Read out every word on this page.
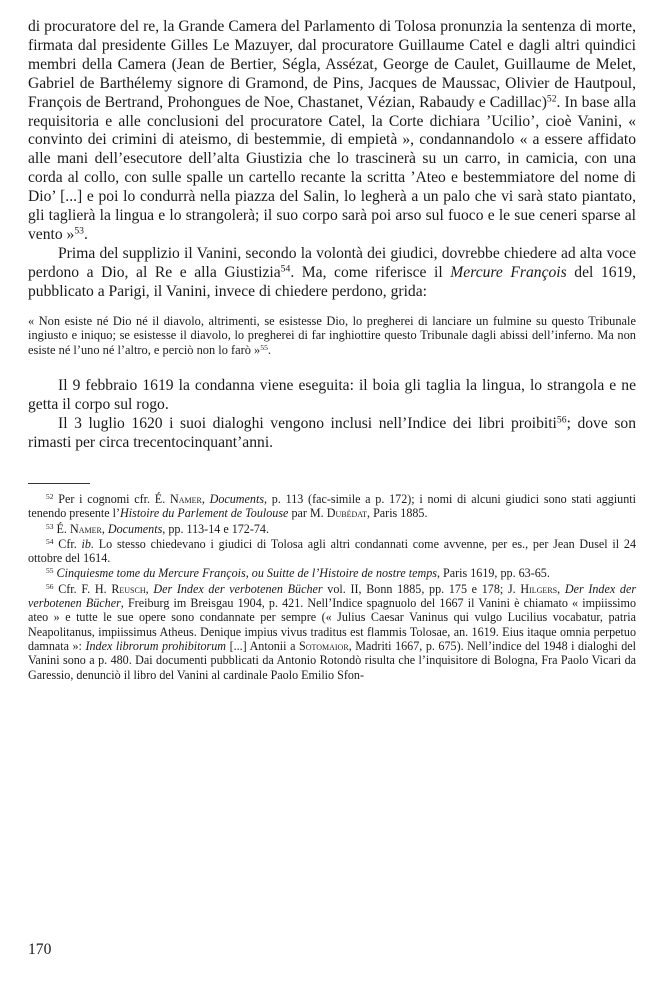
di procuratore del re, la Grande Camera del Parlamento di Tolosa pronunzia la sentenza di morte, firmata dal presidente Gilles Le Mazuyer, dal procuratore Guillaume Catel e dagli altri quindici membri della Camera (Jean de Bertier, Ségla, Assézat, George de Caulet, Guillaume de Melet, Gabriel de Barthélemy signore di Gramond, de Pins, Jacques de Maussac, Olivier de Hautpoul, François de Bertrand, Prohongues de Noe, Chastanet, Vézian, Rabaudy e Cadillac)$^{52}$. In base alla requisitoria e alle conclusioni del procuratore Catel, la Corte dichiara ’Ucilio’, cioè Vanini, « convinto dei crimini di ateismo, di bestemmie, di empietà », condannandolo « a essere affidato alle mani dell’esecutore dell’alta Giustizia che lo trascinerà su un carro, in camicia, con una corda al collo, con sulle spalle un cartello recante la scritta ’Ateo e bestemmiatore del nome di Dio’ [...] e poi lo condurrà nella piazza del Salin, lo legherà a un palo che vi sarà stato piantato, gli taglierà la lingua e lo strangolerà; il suo corpo sarà poi arso sul fuoco e le sue ceneri sparse al vento »$^{53}$.

Prima del supplizio il Vanini, secondo la volontà dei giudici, dovrebbe chiedere ad alta voce perdono a Dio, al Re e alla Giustizia$^{54}$. Ma, come riferisce il Mercure François del 1619, pubblicato a Parigi, il Vanini, invece di chiedere perdono, grida:

« Non esiste né Dio né il diavolo, altrimenti, se esistesse Dio, lo pregherei di lanciare un fulmine su questo Tribunale ingiusto e iniquo; se esistesse il diavolo, lo pregherei di far inghiottire questo Tribunale dagli abissi dell’inferno. Ma non esiste né l’uno né l’altro, e perciò non lo farò »$^{55}$.

Il 9 febbraio 1619 la condanna viene eseguita: il boia gli taglia la lingua, lo strangola e ne getta il corpo sul rogo.

Il 3 luglio 1620 i suoi dialoghi vengono inclusi nell’Indice dei libri proibiti$^{56}$; dove son rimasti per circa trecentocinquant’anni.

$^{52}$ Per i cognomi cfr. É. Namer, Documents, p. 113 (fac-simile a p. 172); i nomi di alcuni giudici sono stati aggiunti tenendo presente l’Histoire du Parlement de Toulouse par M. Dubédat, Paris 1885.

$^{53}$ É. Namer, Documents, pp. 113-14 e 172-74.

$^{54}$ Cfr. ib. Lo stesso chiedevano i giudici di Tolosa agli altri condannati come avvenne, per es., per Jean Dusel il 24 ottobre del 1614.

$^{55}$ Cinquiesme tome du Mercure François, ou Suitte de l’Histoire de nostre temps, Paris 1619, pp. 63-65.

$^{56}$ Cfr. F. H. Reusch, Der Index der verbotenen Bücher vol. II, Bonn 1885, pp. 175 e 178; J. Hilgers, Der Index der verbotenen Bücher, Freiburg im Breisgau 1904, p. 421. Nell’Indice spagnuolo del 1667 il Vanini è chiamato « impiissimo ateo » e tutte le sue opere sono condannate per sempre (« Julius Caesar Vaninus qui vulgo Lucilius vocabatur, patria Neapolitanus, impiissimus Atheus. Denique impius vivus traditus est flammis Tolosae, an. 1619. Eius itaque omnia perpetuo damnata »: Index librorum prohibitorum [...] Antonii a Sotomaior, Madriti 1667, p. 675). Nell’indice del 1948 i dialoghi del Vanini sono a p. 480. Dai documenti pubblicati da Antonio Rotondò risulta che l’inquisitore di Bologna, Fra Paolo Vicari da Garessio, denunciò il libro del Vanini al cardinale Paolo Emilio Sfon-

170
